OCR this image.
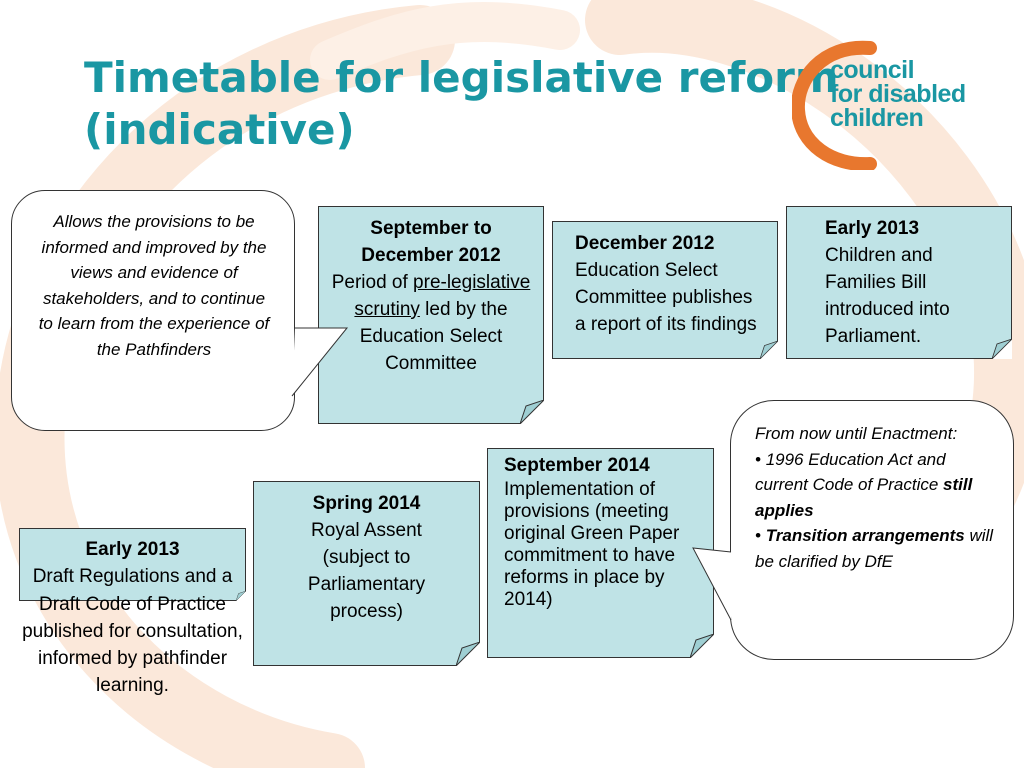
Timetable for legislative reform
(indicative)
council
for disabled
children
Allows the provisions to be informed and improved by the views and evidence of stakeholders, and to continue to learn from the experience of the Pathfinders
September to December 2012
Period of pre-legislative scrutiny led by the Education Select Committee
December 2012
Education Select Committee publishes a report of its findings
Early 2013
Children and Families Bill introduced into Parliament.
From now until Enactment:
• 1996 Education Act and current Code of Practice still applies
• Transition arrangements will be clarified by DfE
September 2014
Implementation of provisions (meeting original Green Paper commitment to have reforms in place by 2014)
Spring 2014
Royal Assent (subject to Parliamentary process)
Early 2013
Draft Regulations and a Draft Code of Practice published for consultation, informed by pathfinder learning.
